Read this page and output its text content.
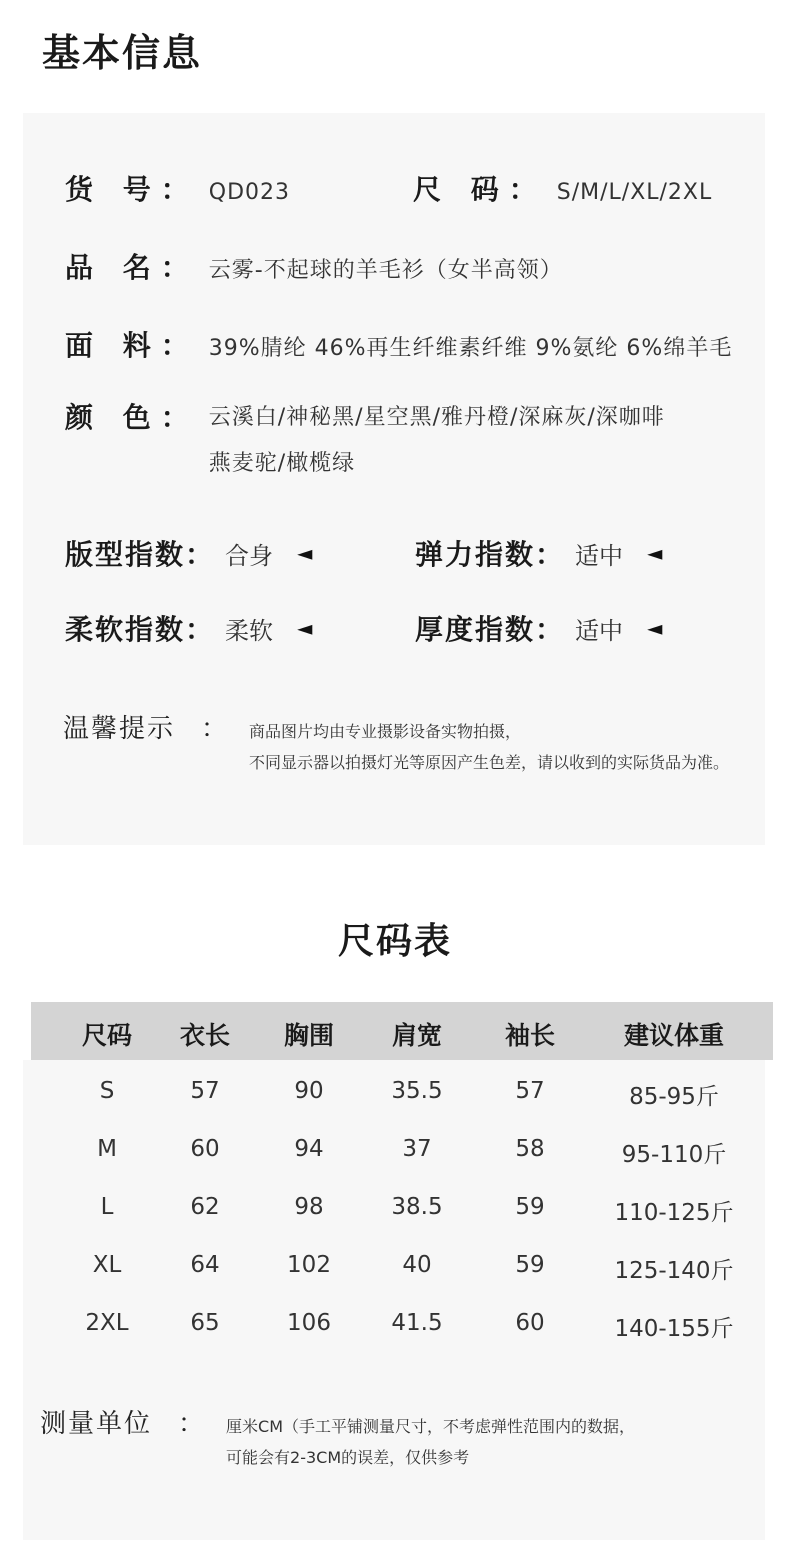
基本信息
货 号： QD023	尺 码： S/M/L/XL/2XL
品 名： 云雾-不起球的羊毛衫（女半高领）
面 料： 39%腈纶 46%再生纤维素纤维 9%氨纶 6%绵羊毛
颜 色： 云溪白/神秘黑/星空黑/雅丹橙/深麻灰/深咖啡
燕麦驼/橄榄绿
版型指数： 合身 ◄	弹力指数： 适中 ◄
柔软指数： 柔软 ◄	厚度指数： 适中 ◄
温馨提示 ： 商品图片均由专业摄影设备实物拍摄，
不同显示器以拍摄灯光等原因产生色差，请以收到的实际货品为准。
尺码表
尺码 衣长 胸围 肩宽	袖长	建议体重
S	57	90	35.5	57	85-95斤
M	60	94	37	58	95-110斤
L	62	98	38.5	59	110-125斤
XL	64	102	40	59	125-140斤
2XL	65	106	41.5	60	140-155斤
测量单位 ： 厘米CM（手工平铺测量尺寸，不考虑弹性范围内的数据，
可能会有2-3CM的误差，仅供参考
